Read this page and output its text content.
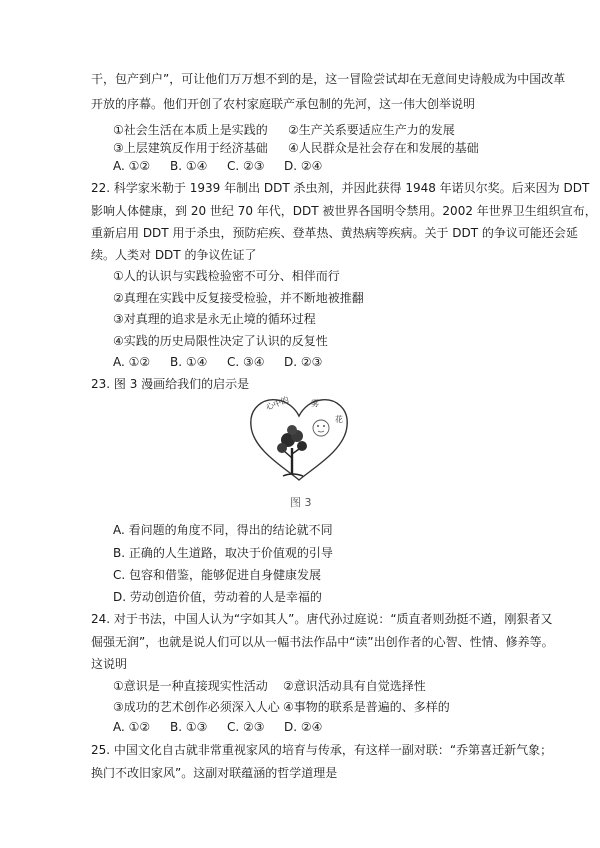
干，包产到户”，可让他们万万想不到的是，这一冒险尝试却在无意间史诗般成为中国改革
开放的序幕。他们开创了农村家庭联产承包制的先河，这一伟大创举说明
①社会生活在本质上是实践的 ②生产关系要适应生产力的发展
③上层建筑反作用于经济基础 ④人民群众是社会存在和发展的基础
A. ①② B. ①④ C. ②③ D. ②④
22. 科学家米勒于 1939 年制出 DDT 杀虫剂，并因此获得 1948 年诺贝尔奖。后来因为 DDT
影响人体健康，到 20 世纪 70 年代，DDT 被世界各国明令禁用。2002 年世界卫生组织宣布，
重新启用 DDT 用于杀虫，预防疟疾、登革热、黄热病等疾病。关于 DDT 的争议可能还会延
续。人类对 DDT 的争议佐证了
①人的认识与实践检验密不可分、相伴而行
②真理在实践中反复接受检验，并不断地被推翻
③对真理的追求是永无止境的循环过程
④实践的历史局限性决定了认识的反复性
A. ①② B. ①④ C. ③④ D. ②③
23. 图 3 漫画给我们的启示是
心中的	雾
花
图 3
A. 看问题的角度不同，得出的结论就不同
B. 正确的人生道路，取决于价值观的引导
C. 包容和借鉴，能够促进自身健康发展
D. 劳动创造价值，劳动着的人是幸福的
24. 对于书法，中国人认为“字如其人”。唐代孙过庭说：“质直者则劲挺不遒，刚狠者又
倔强无润”，也就是说人们可以从一幅书法作品中“读”出创作者的心智、性情、修养等。
这说明
①意识是一种直接现实性活动 ②意识活动具有自觉选择性
③成功的艺术创作必须深入人心 ④事物的联系是普遍的、多样的
A. ①② B. ①③ C. ②③ D. ②④
25. 中国文化自古就非常重视家风的培育与传承，有这样一副对联：“乔第喜迁新气象；
换门不改旧家风”。这副对联蕴涵的哲学道理是
